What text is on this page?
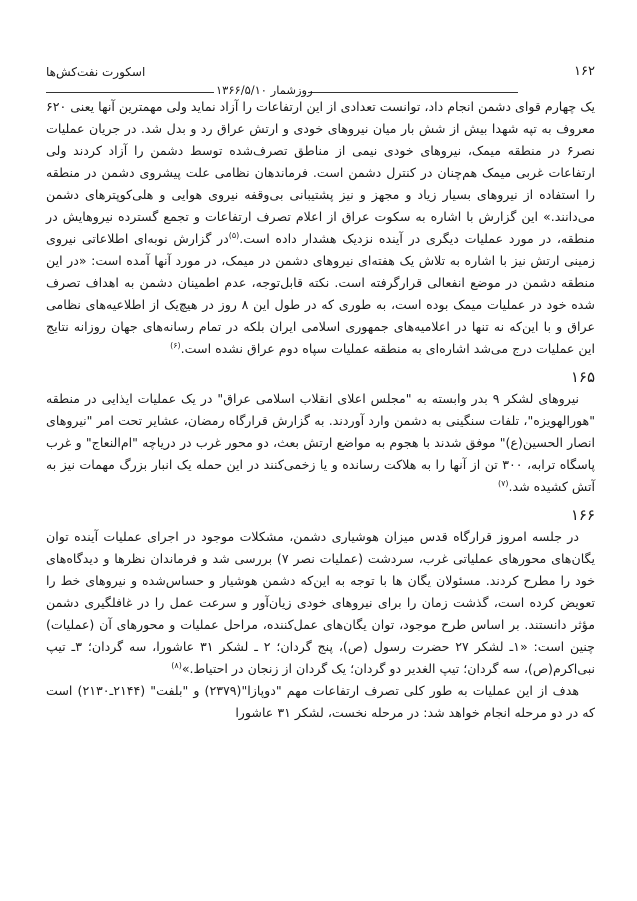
۱۶۲
اسکورت نفت‌کش‌ها
روزشمار ۱۳۶۶/۵/۱۰

یک چهارم قوای دشمن انجام داد، توانست تعدادی از این ارتفاعات را آزاد نماید ولی مهمترین آنها یعنی ۶۲۰ معروف به تپه شهدا بیش از شش بار میان نیروهای خودی و ارتش عراق رد و بدل شد. در جریان عملیات نصر۶ در منطقه میمک، نیروهای خودی نیمی از مناطق تصرف‌شده توسط دشمن را آزاد کردند ولی ارتفاعات غربی میمک هم‌چنان در کنترل دشمن است. فرماندهان نظامی علت پیشروی دشمن در منطقه را استفاده از نیروهای بسیار زیاد و مجهز و نیز پشتیبانی بی‌وقفه نیروی هوایی و هلی‌کوپترهای دشمن می‌دانند.» این گزارش با اشاره به سکوت عراق از اعلام تصرف ارتفاعات و تجمع گسترده نیروهایش در منطقه، در مورد عملیات دیگری در آینده نزدیک هشدار داده است.$^{(۵)}$در گزارش نوبه‌ای اطلاعاتی نیروی زمینی ارتش نیز با اشاره به تلاش یک هفته‌ای نیروهای دشمن در میمک، در مورد آنها آمده است: «در این منطقه دشمن در موضع انفعالی قرارگرفته است. نکته قابل‌توجه، عدم اطمینان دشمن به اهداف تصرف شده خود در عملیات میمک بوده است، به طوری که در طول این ۸ روز در هیچ‌یک از اطلاعیه‌های نظامی عراق و با این‌که نه تنها در اعلامیه‌های جمهوری اسلامی ایران بلکه در تمام رسانه‌های جهان روزانه نتایج این عملیات درج می‌شد اشاره‌ای به منطقه عملیات سپاه دوم عراق نشده است.$^{(۶)}$

۱۶۵

نیروهای لشکر ۹ بدر وابسته به "مجلس اعلای انقلاب اسلامی عراق" در یک عملیات ایذایی در منطقه "هورالهویزه"، تلفات سنگینی به دشمن وارد آوردند. به گزارش قرارگاه رمضان، عشایر تحت امر "نیروهای انصار الحسین(ع)" موفق شدند با هجوم به مواضع ارتش بعث، دو محور غرب در دریاچه "ام‌النعاج" و غرب پاسگاه ترابه، ۳۰۰ تن از آنها را به هلاکت رسانده و یا زخمی‌کنند در این حمله یک انبار بزرگ مهمات نیز به آتش کشیده شد.$^{(۷)}$

۱۶۶

در جلسه امروز قرارگاه قدس میزان هوشیاری دشمن، مشکلات موجود در اجرای عملیات آینده توان یگان‌های محورهای عملیاتی غرب، سردشت (عملیات نصر ۷) بررسی شد و فرماندان نظرها و دیدگاه‌های خود را مطرح کردند. مسئولان یگان ها با توجه به این‌که دشمن هوشیار و حساس‌شده و نیروهای خط را تعویض کرده است، گذشت زمان را برای نیروهای خودی زیان‌آور و سرعت عمل را در غافلگیری دشمن مؤثر دانستند. بر اساس طرح موجود، توان یگان‌های عمل‌کننده، مراحل عملیات و محورهای آن (عملیات) چنین است: «۱ـ لشکر ۲۷ حضرت رسول (ص)، پنج گردان؛ ۲ ـ لشکر ۳۱ عاشورا، سه گردان؛ ۳ـ تیپ نبی‌اکرم(ص)، سه گردان؛ تیپ الغدیر دو گردان؛ یک گردان از زنجان در احتیاط.»$^{(۸)}$

هدف از این عملیات به طور کلی تصرف ارتفاعات مهم "دوپازا"(۲۳۷۹) و "بلفت" (۲۱۴۴ـ۲۱۳۰) است که در دو مرحله انجام خواهد شد: در مرحله نخست، لشکر ۳۱ عاشورا
